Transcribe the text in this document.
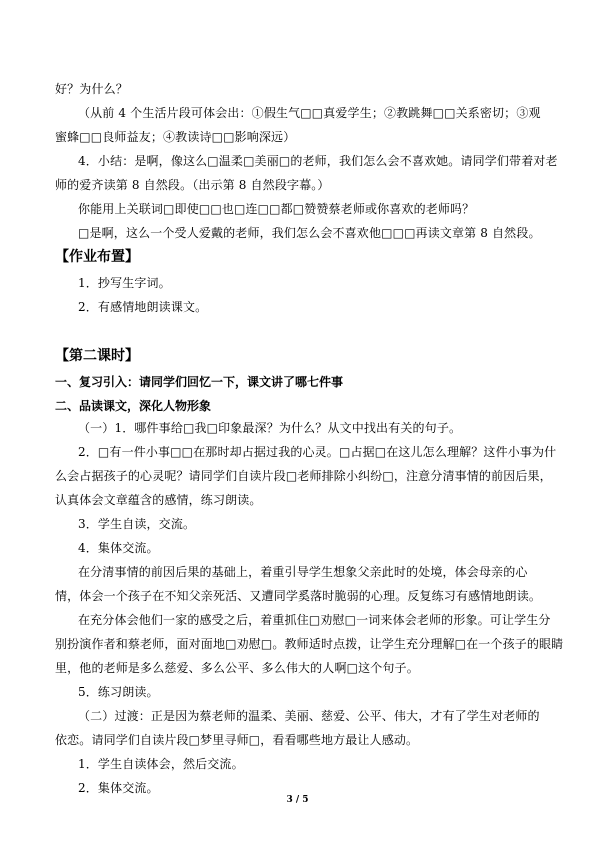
好？为什么？
（从前 4 个生活片段可体会出：①假生气□□真爱学生；②教跳舞□□关系密切；③观
蜜蜂□□良师益友；④教读诗□□影响深远）
4．小结：是啊，像这么□温柔□美丽□的老师，我们怎么会不喜欢她。请同学们带着对老
师的爱齐读第 8 自然段。（出示第 8 自然段字幕。）
你能用上关联词□即使□□也□连□□都□赞赞蔡老师或你喜欢的老师吗？
□是啊，这么一个受人爱戴的老师，我们怎么会不喜欢他□□□再读文章第 8 自然段。
【作业布置】
1．抄写生字词。
2．有感情地朗读课文。
【第二课时】
一、复习引入：请同学们回忆一下，课文讲了哪七件事
二、品读课文，深化人物形象
（一）1．哪件事给□我□印象最深？为什么？从文中找出有关的句子。
2．□有一件小事□□在那时却占据过我的心灵。□占据□在这儿怎么理解？这件小事为什
么会占据孩子的心灵呢？请同学们自读片段□老师排除小纠纷□，注意分清事情的前因后果，
认真体会文章蕴含的感情，练习朗读。
3．学生自读，交流。
4．集体交流。
在分清事情的前因后果的基础上，着重引导学生想象父亲此时的处境，体会母亲的心
情，体会一个孩子在不知父亲死活、又遭同学奚落时脆弱的心理。反复练习有感情地朗读。
在充分体会他们一家的感受之后，着重抓住□劝慰□一词来体会老师的形象。可让学生分
别扮演作者和蔡老师，面对面地□劝慰□。教师适时点拨，让学生充分理解□在一个孩子的眼睛
里，他的老师是多么慈爱、多么公平、多么伟大的人啊□这个句子。
5．练习朗读。
（二）过渡：正是因为蔡老师的温柔、美丽、慈爱、公平、伟大，才有了学生对老师的
依恋。请同学们自读片段□梦里寻师□，看看哪些地方最让人感动。
1．学生自读体会，然后交流。
2．集体交流。
3 / 5
